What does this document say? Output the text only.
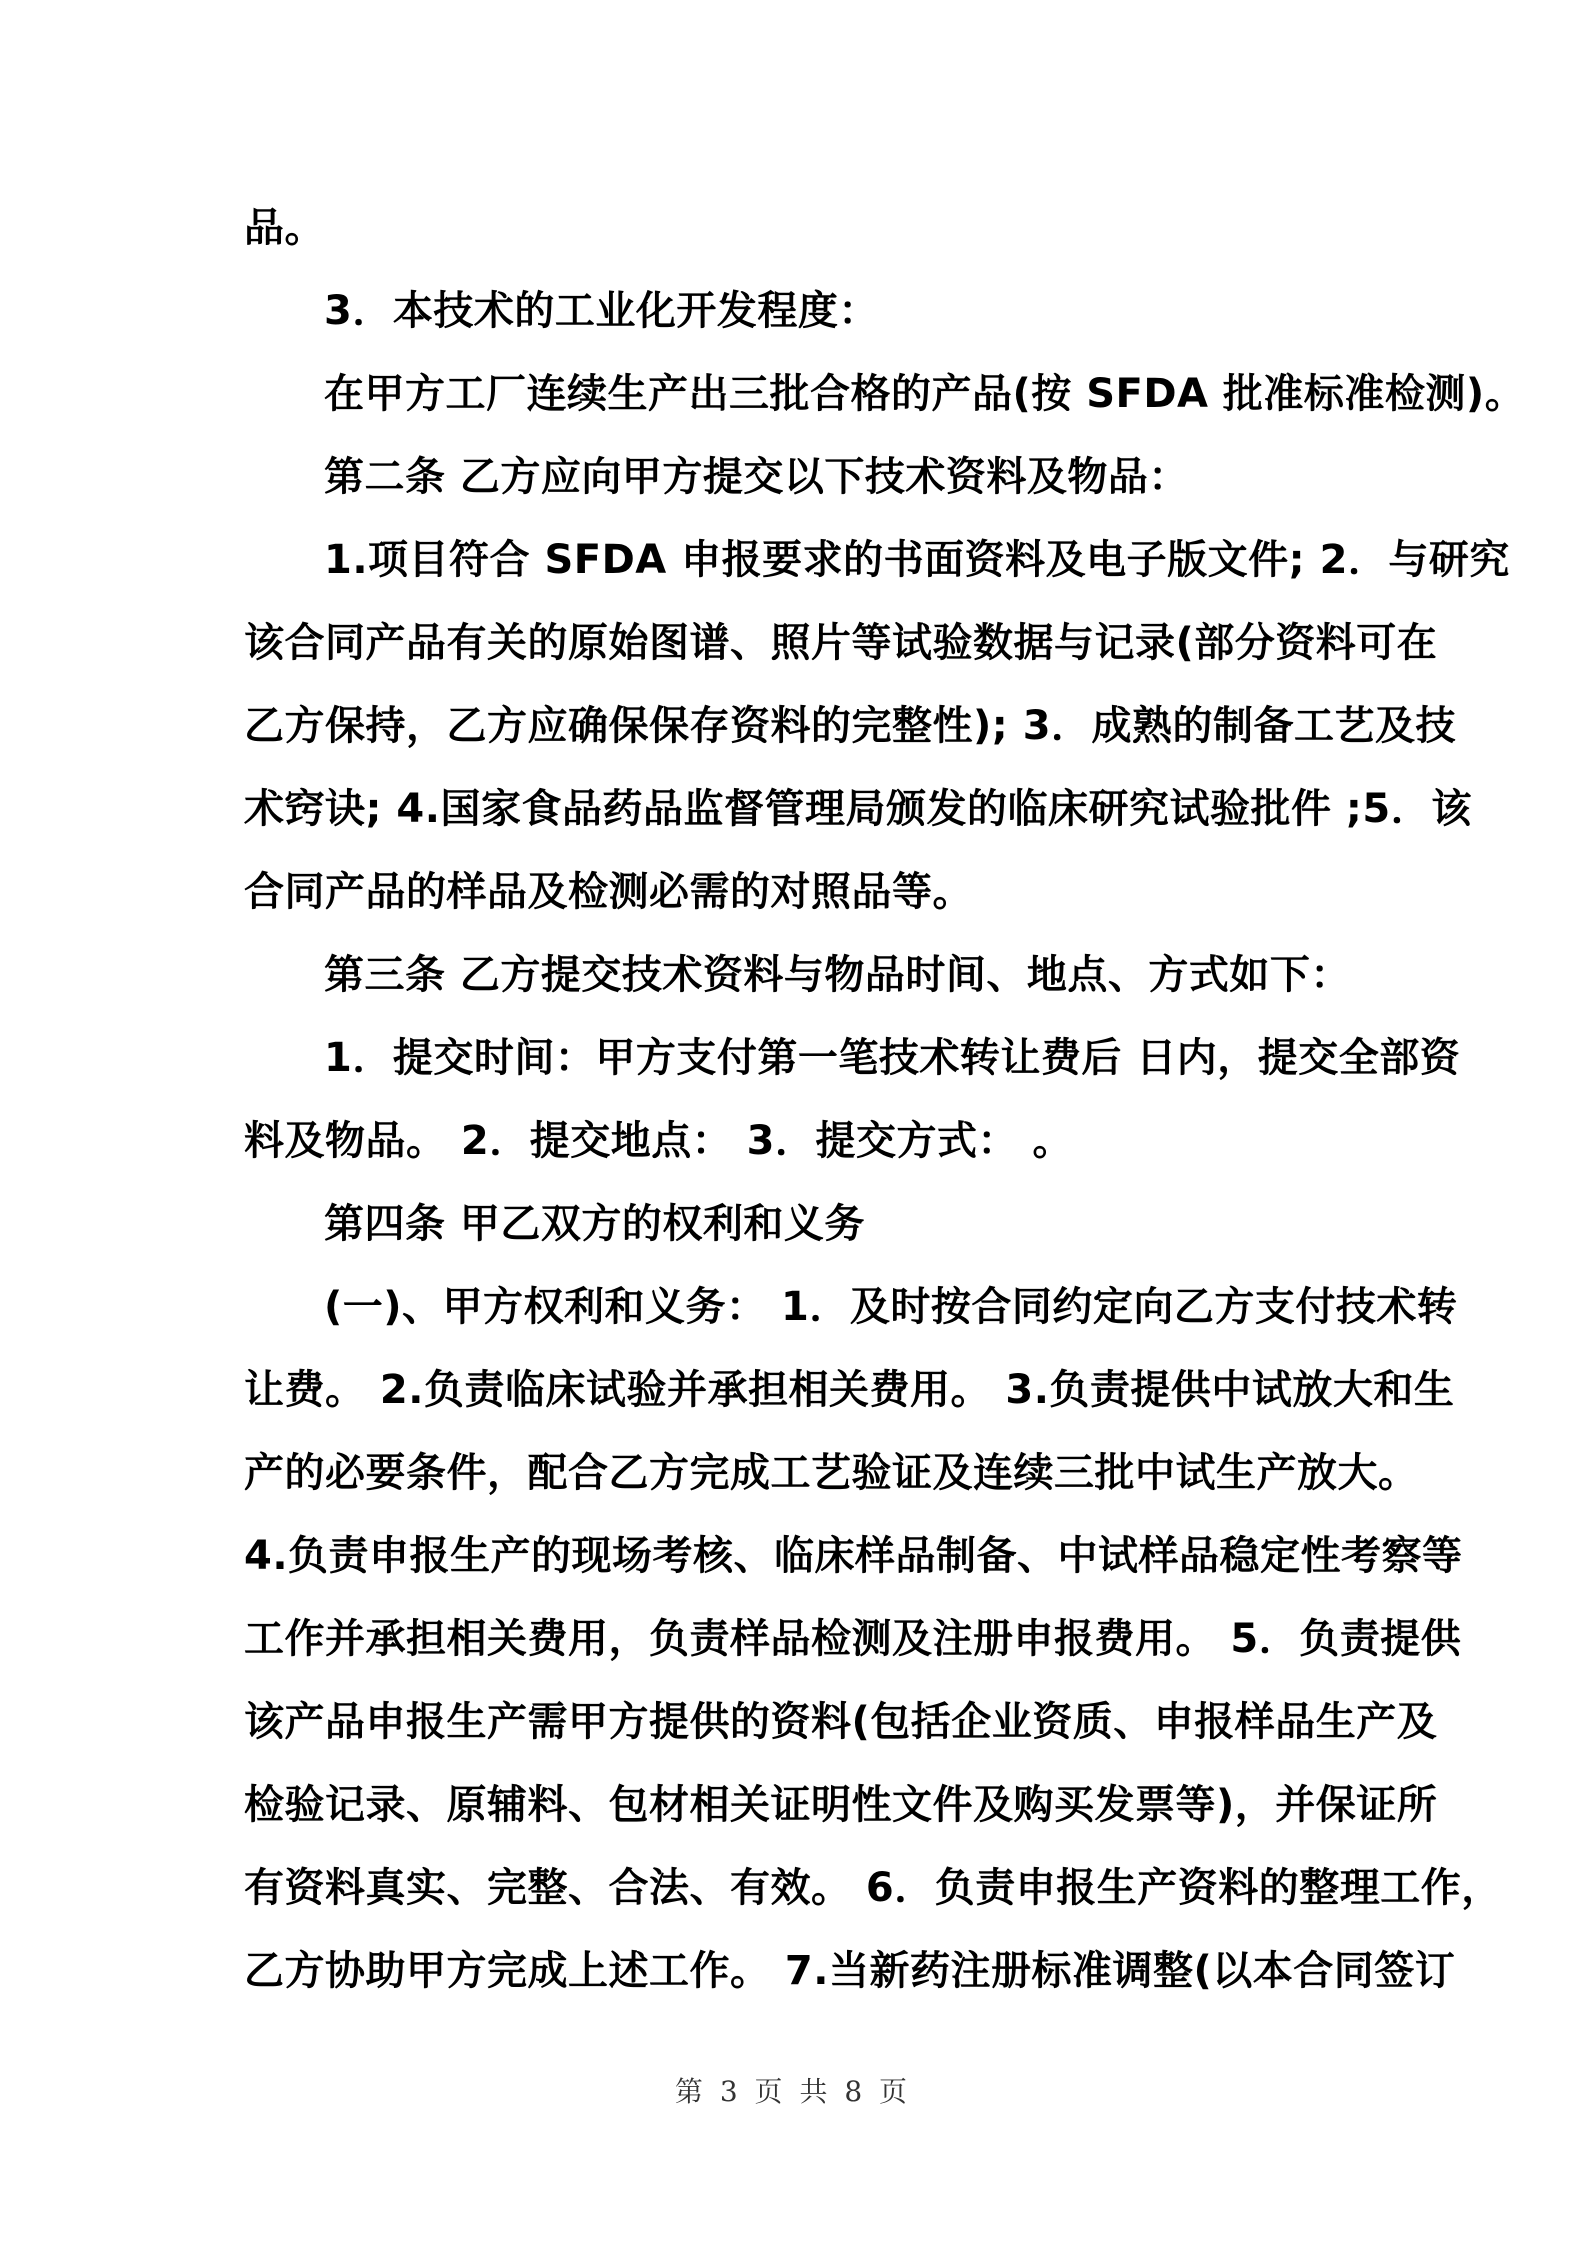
品。
3．本技术的工业化开发程度：
在甲方工厂连续生产出三批合格的产品(按 SFDA 批准标准检测)。
第二条 乙方应向甲方提交以下技术资料及物品：
1.项目符合 SFDA 申报要求的书面资料及电子版文件; 2．与研究
该合同产品有关的原始图谱、照片等试验数据与记录(部分资料可在
乙方保持，乙方应确保保存资料的完整性); 3．成熟的制备工艺及技
术窍诀; 4.国家食品药品监督管理局颁发的临床研究试验批件 ;5．该
合同产品的样品及检测必需的对照品等。
第三条 乙方提交技术资料与物品时间、地点、方式如下：
1．提交时间：甲方支付第一笔技术转让费后 日内，提交全部资
料及物品。 2．提交地点： 3．提交方式： 。
第四条 甲乙双方的权利和义务
(一)、甲方权利和义务： 1．及时按合同约定向乙方支付技术转
让费。 2.负责临床试验并承担相关费用。 3.负责提供中试放大和生
产的必要条件，配合乙方完成工艺验证及连续三批中试生产放大。
4.负责申报生产的现场考核、临床样品制备、中试样品稳定性考察等
工作并承担相关费用，负责样品检测及注册申报费用。 5．负责提供
该产品申报生产需甲方提供的资料(包括企业资质、申报样品生产及
检验记录、原辅料、包材相关证明性文件及购买发票等)，并保证所
有资料真实、完整、合法、有效。 6．负责申报生产资料的整理工作，
乙方协助甲方完成上述工作。 7.当新药注册标准调整(以本合同签订
第 3 页 共 8 页
